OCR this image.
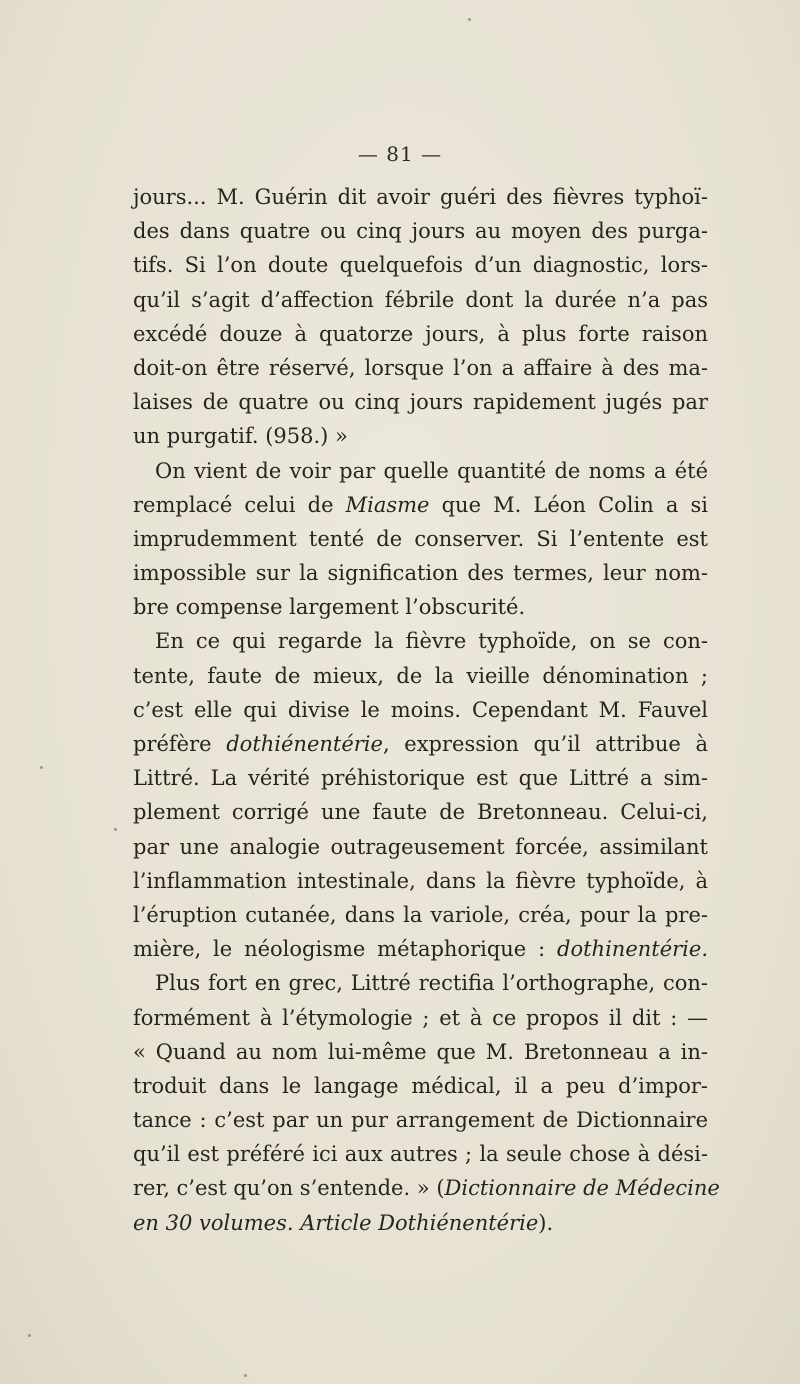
— 81 —
jours... M. Guérin dit avoir guéri des fièvres typhoï-
des dans quatre ou cinq jours au moyen des purga-
tifs. Si l’on doute quelquefois d’un diagnostic, lors-
qu’il s’agit d’affection fébrile dont la durée n’a pas
excédé douze à quatorze jours, à plus forte raison
doit-on être réservé, lorsque l’on a affaire à des ma-
laises de quatre ou cinq jours rapidement jugés par
un purgatif. (958.) »
On vient de voir par quelle quantité de noms a été
remplacé celui de Miasme que M. Léon Colin a si
imprudemment tenté de conserver. Si l’entente est
impossible sur la signification des termes, leur nom-
bre compense largement l’obscurité.
En ce qui regarde la fièvre typhoïde, on se con-
tente, faute de mieux, de la vieille dénomination ;
c’est elle qui divise le moins. Cependant M. Fauvel
préfère dothiénentérie, expression qu’il attribue à
Littré. La vérité préhistorique est que Littré a sim-
plement corrigé une faute de Bretonneau. Celui-ci,
par une analogie outrageusement forcée, assimilant
l’inflammation intestinale, dans la fièvre typhoïde, à
l’éruption cutanée, dans la variole, créa, pour la pre-
mière, le néologisme métaphorique : dothinentérie.
Plus fort en grec, Littré rectifia l’orthographe, con-
formément à l’étymologie ; et à ce propos il dit : —
« Quand au nom lui-même que M. Bretonneau a in-
troduit dans le langage médical, il a peu d’impor-
tance : c’est par un pur arrangement de Dictionnaire
qu’il est préféré ici aux autres ; la seule chose à dési-
rer, c’est qu’on s’entende. » (Dictionnaire de Médecine
en 30 volumes. Article Dothiénentérie).
